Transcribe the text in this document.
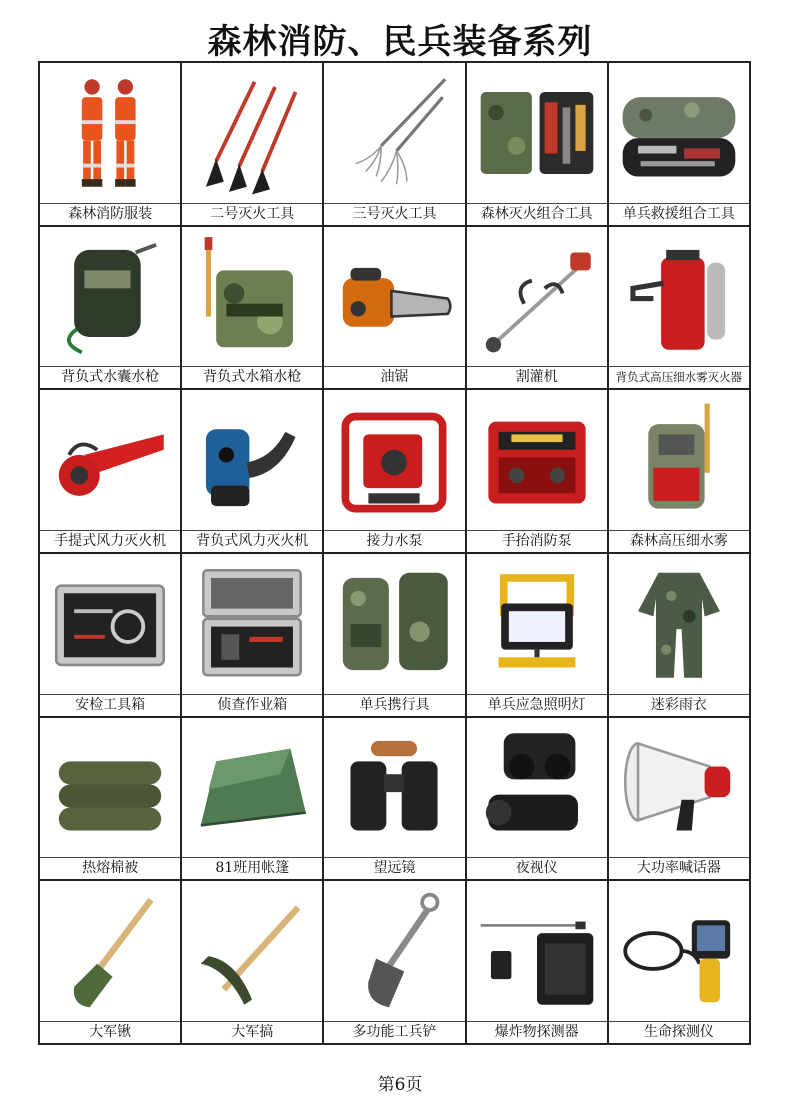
森林消防、民兵装备系列
森林消防服装	二号灭火工具	三号灭火工具	森林灭火组合工具	单兵救援组合工具
背负式水囊水枪	背负式水箱水枪	油锯	割灌机	背负式高压细水雾灭火器
手提式风力灭火机	背负式风力灭火机	接力水泵	手抬消防泵	森林高压细水雾
安检工具箱	侦查作业箱	单兵携行具	单兵应急照明灯	迷彩雨衣
热熔棉被	81班用帐篷	望远镜	夜视仪	大功率喊话器
大军锹	大军搞	多功能工兵铲	爆炸物探测器	生命探测仪
第6页
